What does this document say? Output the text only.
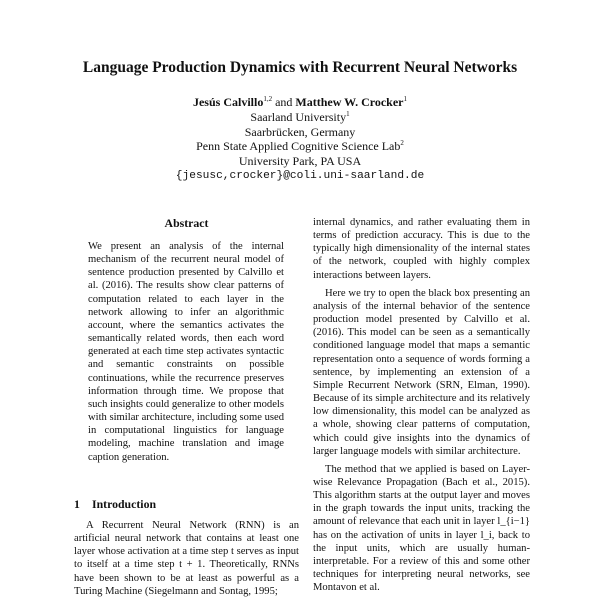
Language Production Dynamics with Recurrent Neural Networks
Jesús Calvillo$^{1,2}$ and Matthew W. Crocker$^1$
Saarland University$^1$
Saarbrücken, Germany
Penn State Applied Cognitive Science Lab$^2$
University Park, PA USA
{jesusc,crocker}@coli.uni-saarland.de
Abstract
We present an analysis of the internal mechanism of the recurrent neural model of sentence production presented by Calvillo et al. (2016). The results show clear patterns of computation related to each layer in the network allowing to infer an algorithmic account, where the semantics activates the semantically related words, then each word generated at each time step activates syntactic and semantic constraints on possible continuations, while the recurrence preserves information through time. We propose that such insights could generalize to other models with similar architecture, including some used in computational linguistics for language modeling, machine translation and image caption generation.
1 Introduction
A Recurrent Neural Network (RNN) is an artificial neural network that contains at least one layer whose activation at a time step t serves as input to itself at a time step t + 1. Theoretically, RNNs have been shown to be at least as powerful as a Turing Machine (Siegelmann and Sontag, 1995;

internal dynamics, and rather evaluating them in terms of prediction accuracy. This is due to the typically high dimensionality of the internal states of the network, coupled with highly complex interactions between layers.

Here we try to open the black box presenting an analysis of the internal behavior of the sentence production model presented by Calvillo et al. (2016). This model can be seen as a semantically conditioned language model that maps a semantic representation onto a sequence of words forming a sentence, by implementing an extension of a Simple Recurrent Network (SRN, Elman, 1990). Because of its simple architecture and its relatively low dimensionality, this model can be analyzed as a whole, showing clear patterns of computation, which could give insights into the dynamics of larger language models with similar architecture.

The method that we applied is based on Layer-wise Relevance Propagation (Bach et al., 2015). This algorithm starts at the output layer and moves in the graph towards the input units, tracking the amount of relevance that each unit in layer l_{i−1} has on the activation of units in layer l_i, back to the input units, which are usually human-interpretable. For a review of this and some other techniques for interpreting neural networks, see Montavon et al.
